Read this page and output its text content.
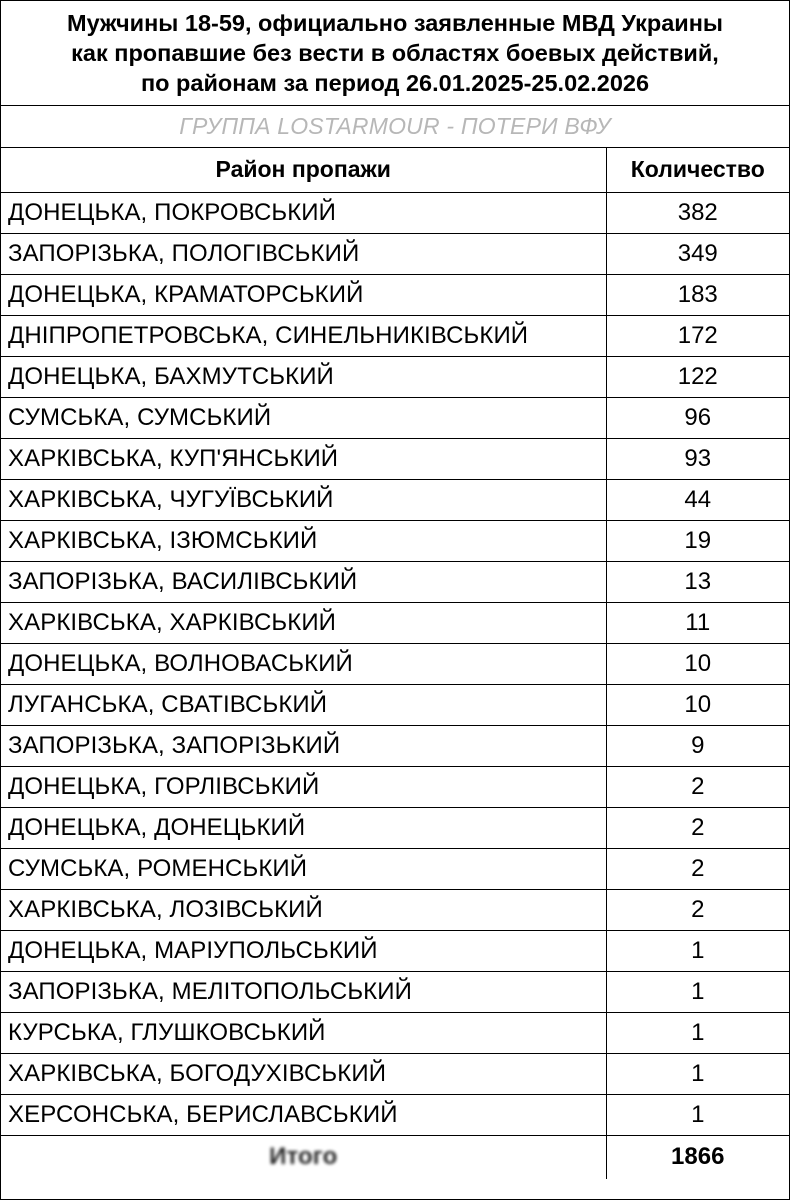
Мужчины 18-59, официально заявленные МВД Украины
как пропавшие без вести в областях боевых действий,
по районам за период 26.01.2025-25.02.2026
ГРУППА LOSTARMOUR - ПОТЕРИ ВФУ
Район пропажи	Количество
ДОНЕЦЬКА, ПОКРОВСЬКИЙ	382
ЗАПОРІЗЬКА, ПОЛОГІВСЬКИЙ	349
ДОНЕЦЬКА, КРАМАТОРСЬКИЙ	183
ДНІПРОПЕТРОВСЬКА, СИНЕЛЬНИКІВСЬКИЙ	172
ДОНЕЦЬКА, БАХМУТСЬКИЙ	122
СУМСЬКА, СУМСЬКИЙ	96
ХАРКІВСЬКА, КУП'ЯНСЬКИЙ	93
ХАРКІВСЬКА, ЧУГУЇВСЬКИЙ	44
ХАРКІВСЬКА, ІЗЮМСЬКИЙ	19
ЗАПОРІЗЬКА, ВАСИЛІВСЬКИЙ	13
ХАРКІВСЬКА, ХАРКІВСЬКИЙ	11
ДОНЕЦЬКА, ВОЛНОВАСЬКИЙ	10
ЛУГАНСЬКА, СВАТІВСЬКИЙ	10
ЗАПОРІЗЬКА, ЗАПОРІЗЬКИЙ	9
ДОНЕЦЬКА, ГОРЛІВСЬКИЙ	2
ДОНЕЦЬКА, ДОНЕЦЬКИЙ	2
СУМСЬКА, РОМЕНСЬКИЙ	2
ХАРКІВСЬКА, ЛОЗІВСЬКИЙ	2
ДОНЕЦЬКА, МАРІУПОЛЬСЬКИЙ	1
ЗАПОРІЗЬКА, МЕЛІТОПОЛЬСЬКИЙ	1
КУРСЬКА, ГЛУШКОВСЬКИЙ	1
ХАРКІВСЬКА, БОГОДУХІВСЬКИЙ	1
ХЕРСОНСЬКА, БЕРИСЛАВСЬКИЙ	1
Итого	1866
